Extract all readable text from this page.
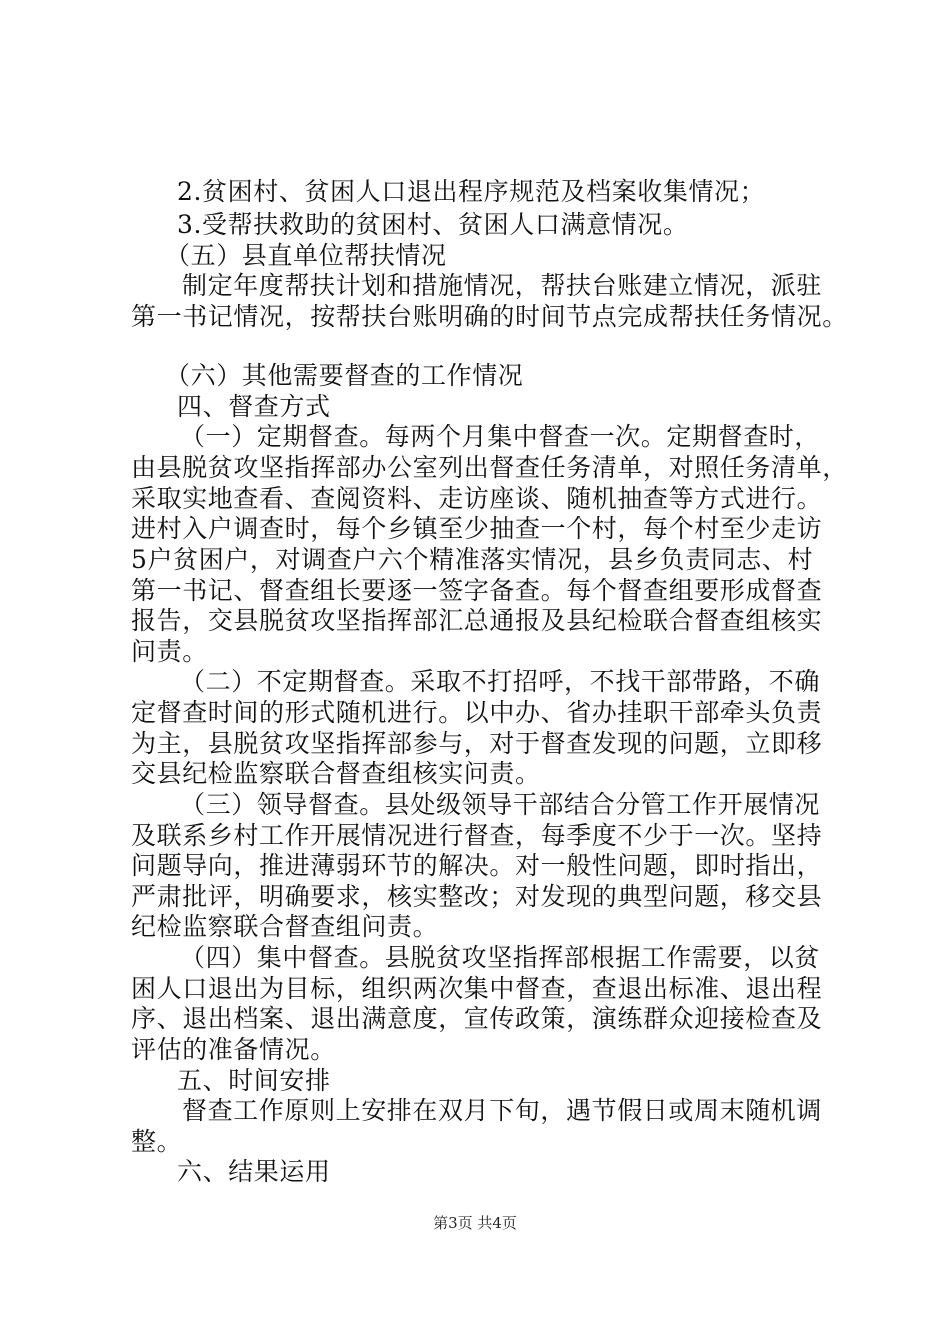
2.贫困村、贫困人口退出程序规范及档案收集情况；
3.受帮扶救助的贫困村、贫困人口满意情况。
（五）县直单位帮扶情况
制定年度帮扶计划和措施情况，帮扶台账建立情况，派驻
第一书记情况，按帮扶台账明确的时间节点完成帮扶任务情况。
（六）其他需要督查的工作情况
四、督查方式
（一）定期督查。每两个月集中督查一次。定期督查时，
由县脱贫攻坚指挥部办公室列出督查任务清单，对照任务清单，
采取实地查看、查阅资料、走访座谈、随机抽查等方式进行。
进村入户调查时，每个乡镇至少抽查一个村，每个村至少走访
5户贫困户，对调查户六个精准落实情况，县乡负责同志、村
第一书记、督查组长要逐一签字备查。每个督查组要形成督查
报告，交县脱贫攻坚指挥部汇总通报及县纪检联合督查组核实
问责。
（二）不定期督查。采取不打招呼，不找干部带路，不确
定督查时间的形式随机进行。以中办、省办挂职干部牵头负责
为主，县脱贫攻坚指挥部参与，对于督查发现的问题，立即移
交县纪检监察联合督查组核实问责。
（三）领导督查。县处级领导干部结合分管工作开展情况
及联系乡村工作开展情况进行督查，每季度不少于一次。坚持
问题导向，推进薄弱环节的解决。对一般性问题，即时指出，
严肃批评，明确要求，核实整改；对发现的典型问题，移交县
纪检监察联合督查组问责。
（四）集中督查。县脱贫攻坚指挥部根据工作需要，以贫
困人口退出为目标，组织两次集中督查，查退出标准、退出程
序、退出档案、退出满意度，宣传政策，演练群众迎接检查及
评估的准备情况。
五、时间安排
督查工作原则上安排在双月下旬，遇节假日或周末随机调
整。
六、结果运用
第3页 共4页
